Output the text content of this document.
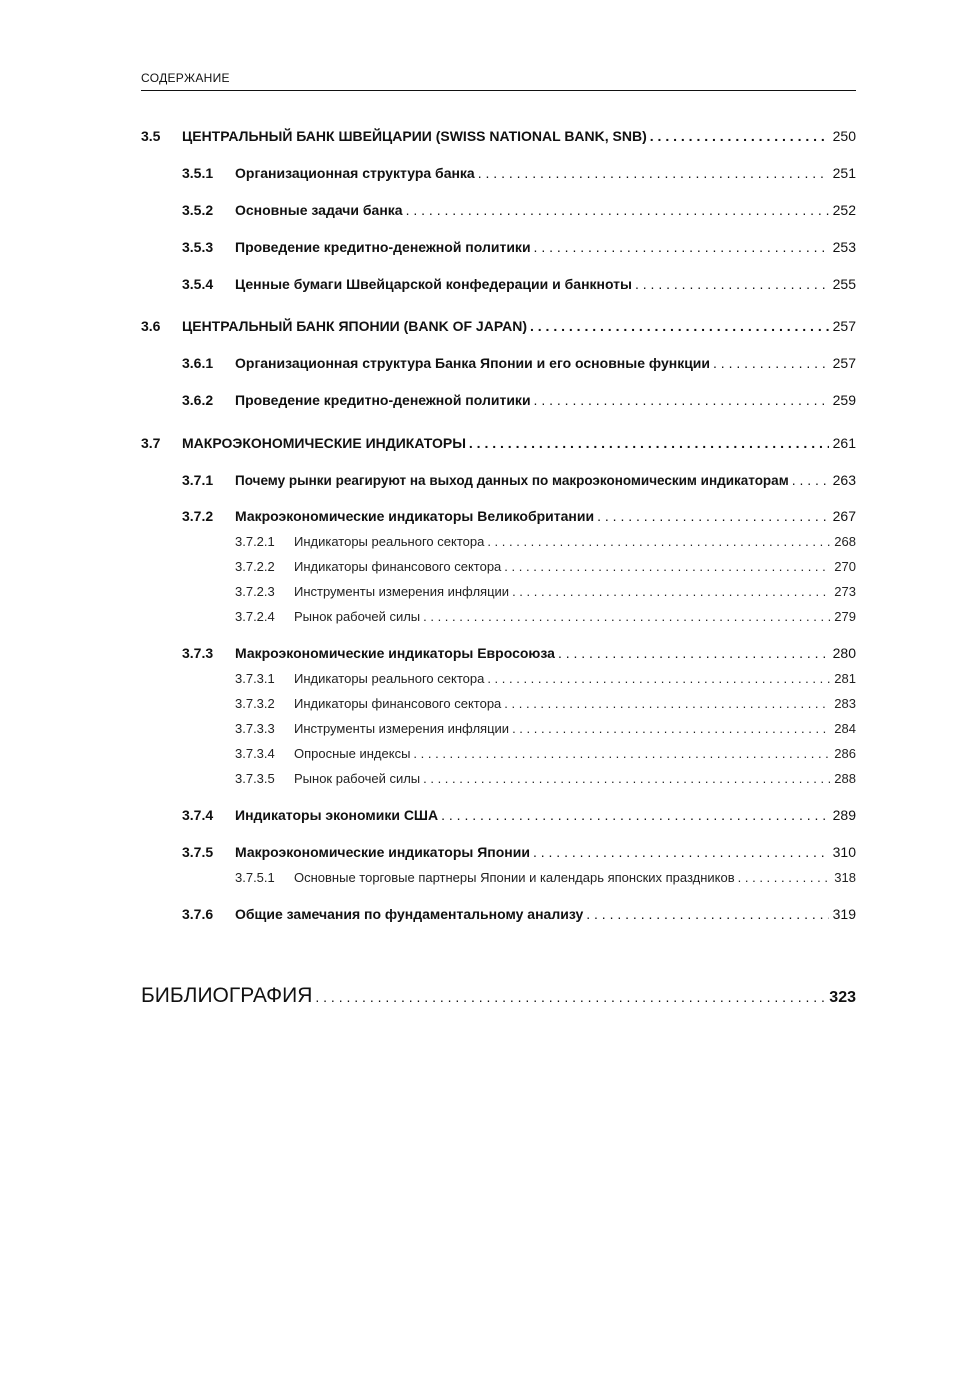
СОДЕРЖАНИЕ
3.5	ЦЕНТРАЛЬНЫЙ БАНК ШВЕЙЦАРИИ (SWISS NATIONAL BANK, SNB) . . .	250
3.5.1	Организационная структура банка . . .	251
3.5.2	Основные задачи банка . . .	252
3.5.3	Проведение кредитно-денежной политики . . .	253
3.5.4	Ценные бумаги Швейцарской конфедерации и банкноты . . .	255
3.6	ЦЕНТРАЛЬНЫЙ БАНК ЯПОНИИ (BANK OF JAPAN) . . .	257
3.6.1	Организационная структура Банка Японии и его основные функции . . .	257
3.6.2	Проведение кредитно-денежной политики . . .	259
3.7	МАКРОЭКОНОМИЧЕСКИЕ ИНДИКАТОРЫ . . .	261
3.7.1	Почему рынки реагируют на выход данных по макроэкономическим индикаторам . . .	263
3.7.2	Макроэкономические индикаторы Великобритании . . .	267
3.7.2.1	Индикаторы реального сектора . . .	268
3.7.2.2	Индикаторы финансового сектора . . .	270
3.7.2.3	Инструменты измерения инфляции . . .	273
3.7.2.4	Рынок рабочей силы . . .	279
3.7.3	Макроэкономические индикаторы Евросоюза . . .	280
3.7.3.1	Индикаторы реального сектора . . .	281
3.7.3.2	Индикаторы финансового сектора . . .	283
3.7.3.3	Инструменты измерения инфляции . . .	284
3.7.3.4	Опросные индексы . . .	286
3.7.3.5	Рынок рабочей силы . . .	288
3.7.4	Индикаторы экономики США . . .	289
3.7.5	Макроэкономические индикаторы Японии . . .	310
3.7.5.1	Основные торговые партнеры Японии и календарь японских праздников . . .	318
3.7.6	Общие замечания по фундаментальному анализу . . .	319
БИБЛИОГРАФИЯ . . .	323
